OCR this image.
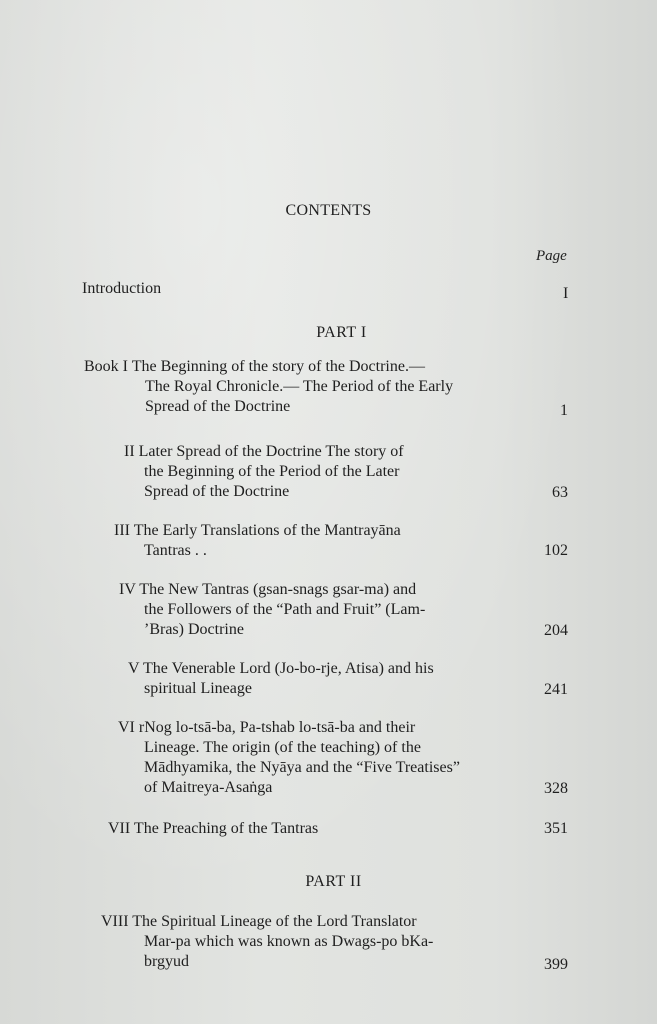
CONTENTS
Page
Introduction	I
PART I
Book I The Beginning of the story of the Doctrine.—
The Royal Chronicle.— The Period of the Early
Spread of the Doctrine	1
II Later Spread of the Doctrine The story of
the Beginning of the Period of the Later
Spread of the Doctrine	63
III The Early Translations of the Mantrayāna
Tantras . .	102
IV The New Tantras (gsan-snags gsar-ma) and
the Followers of the “Path and Fruit” (Lam-
’Bras) Doctrine	204
V The Venerable Lord (Jo-bo-rje, Atisa) and his
spiritual Lineage	241
VI rNog lo-tsā-ba, Pa-tshab lo-tsā-ba and their
Lineage. The origin (of the teaching) of the
Mādhyamika, the Nyāya and the “Five Treatises”
of Maitreya-Asaṅga	328
VII The Preaching of the Tantras	351
PART II
VIII The Spiritual Lineage of the Lord Translator
Mar-pa which was known as Dwags-po bKa-
brgyud	399
